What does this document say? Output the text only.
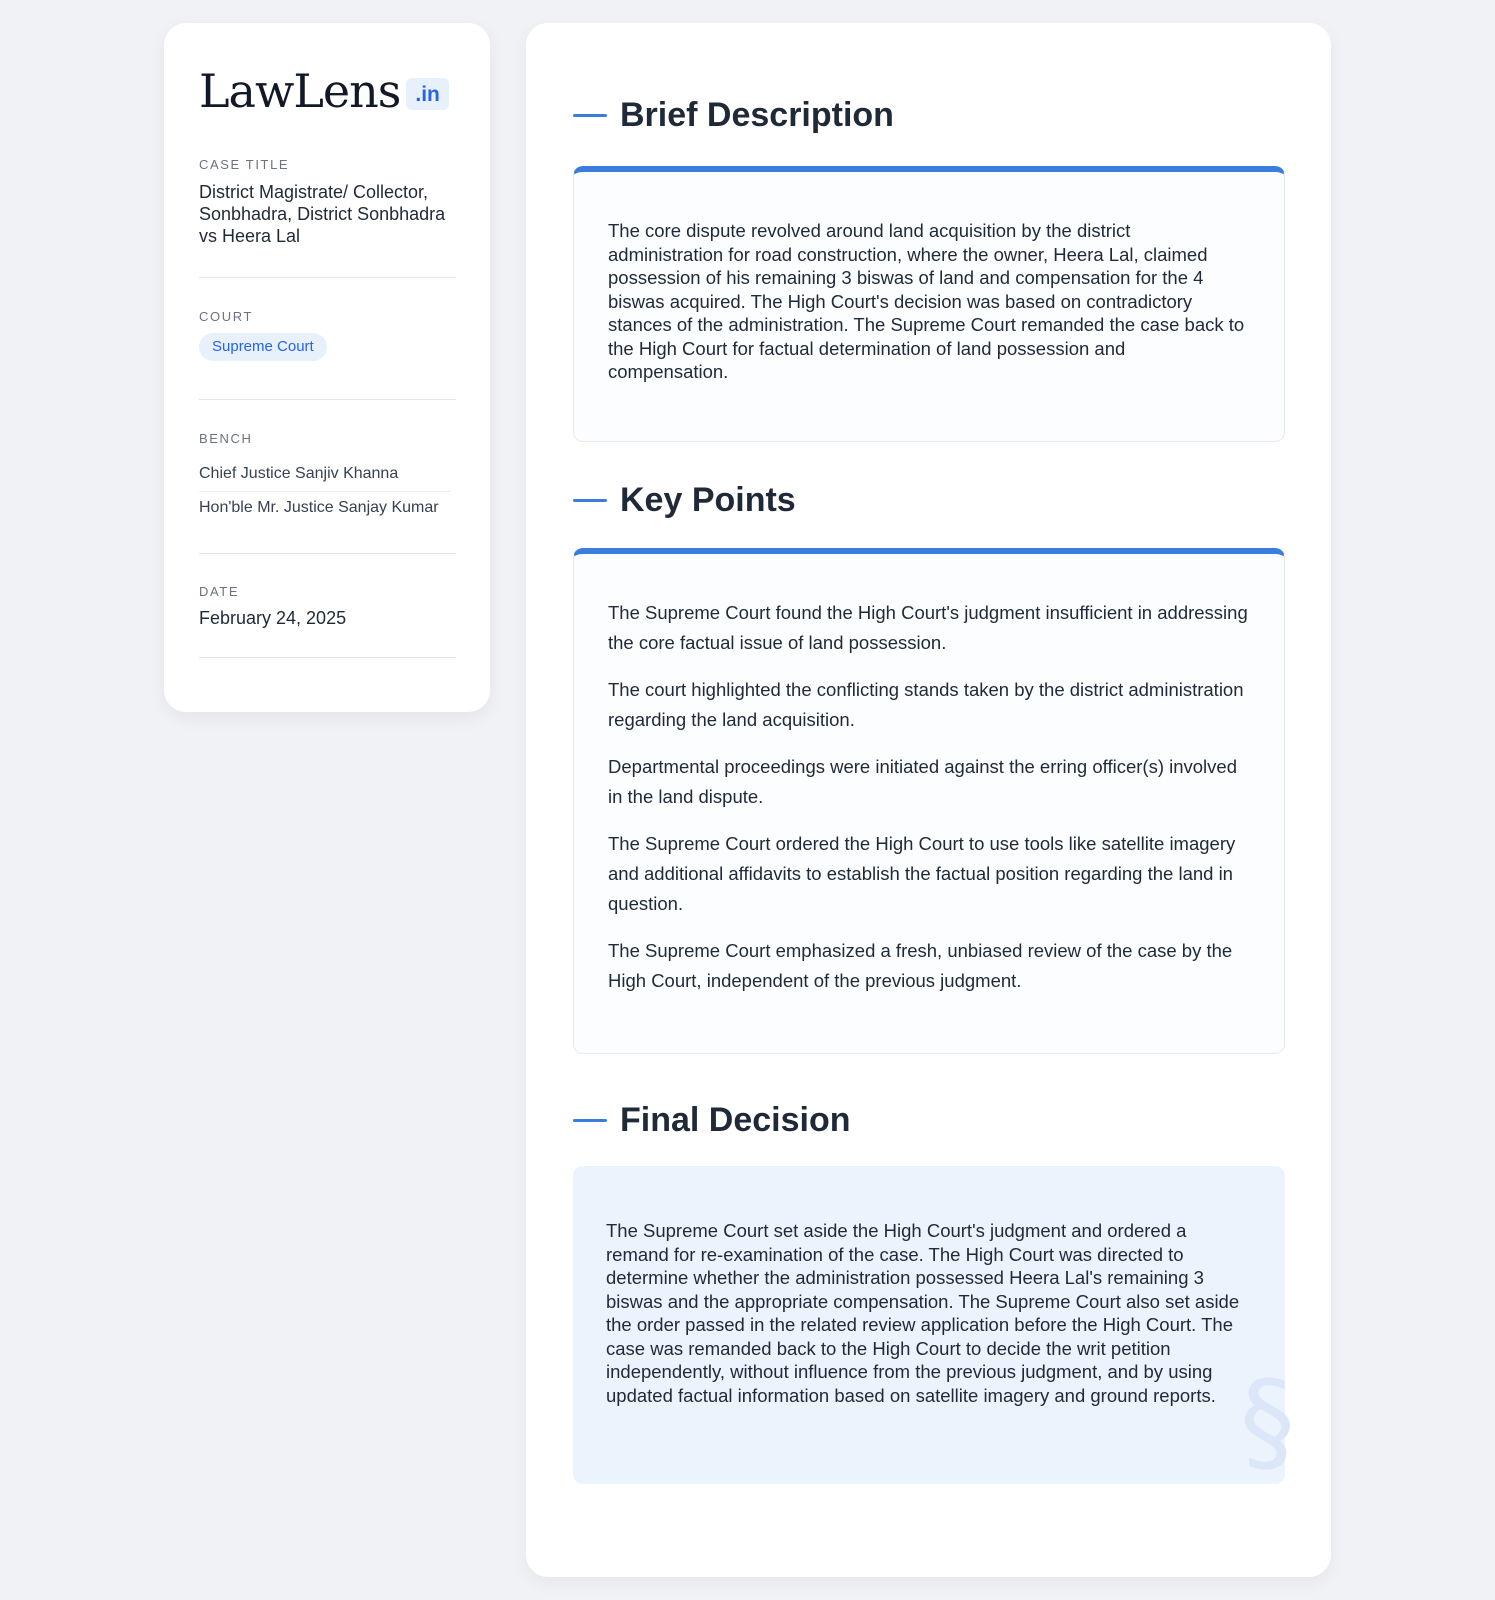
LawLens .in
CASE TITLE
District Magistrate/ Collector, Sonbhadra, District Sonbhadra vs Heera Lal
COURT
Supreme Court
BENCH
Chief Justice Sanjiv Khanna
Hon'ble Mr. Justice Sanjay Kumar
DATE
February 24, 2025
Brief Description

The core dispute revolved around land acquisition by the district administration for road construction, where the owner, Heera Lal, claimed possession of his remaining 3 biswas of land and compensation for the 4 biswas acquired. The High Court's decision was based on contradictory stances of the administration. The Supreme Court remanded the case back to the High Court for factual determination of land possession and compensation.

Key Points

The Supreme Court found the High Court's judgment insufficient in addressing the core factual issue of land possession.

The court highlighted the conflicting stands taken by the district administration regarding the land acquisition.

Departmental proceedings were initiated against the erring officer(s) involved in the land dispute.

The Supreme Court ordered the High Court to use tools like satellite imagery and additional affidavits to establish the factual position regarding the land in question.

The Supreme Court emphasized a fresh, unbiased review of the case by the High Court, independent of the previous judgment.

Final Decision

The Supreme Court set aside the High Court's judgment and ordered a remand for re-examination of the case. The High Court was directed to determine whether the administration possessed Heera Lal's remaining 3 biswas and the appropriate compensation. The Supreme Court also set aside the order passed in the related review application before the High Court. The case was remanded back to the High Court to decide the writ petition independently, without influence from the previous judgment, and by using updated factual information based on satellite imagery and ground reports. §
